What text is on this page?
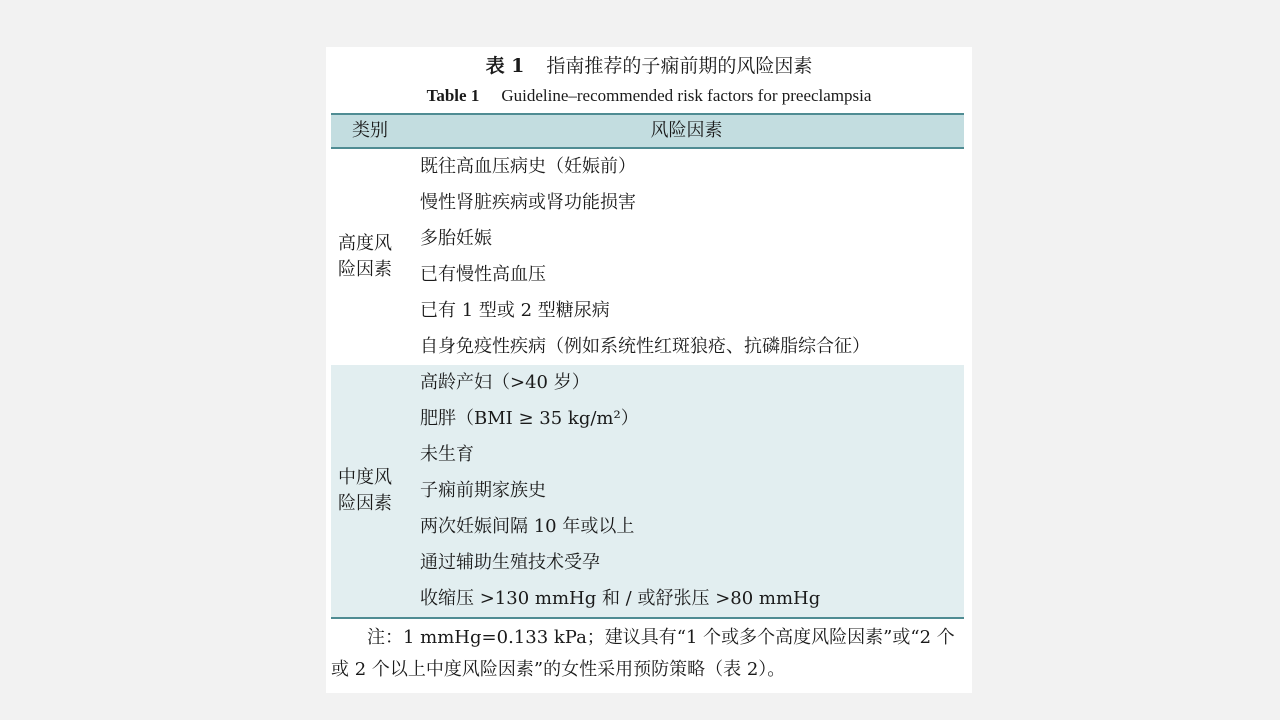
表 1 指南推荐的子痫前期的风险因素
Table 1 Guideline–recommended risk factors for preeclampsia
类别	风险因素
高度风险因素
既往高血压病史（妊娠前）
慢性肾脏疾病或肾功能损害
多胎妊娠
已有慢性高血压
已有 1 型或 2 型糖尿病
自身免疫性疾病（例如系统性红斑狼疮、抗磷脂综合征）
中度风险因素
高龄产妇（>40 岁）
肥胖（BMI ≥ 35 kg/m²）
未生育
子痫前期家族史
两次妊娠间隔 10 年或以上
通过辅助生殖技术受孕
收缩压 >130 mmHg 和 / 或舒张压 >80 mmHg
注：1 mmHg=0.133 kPa；建议具有“1 个或多个高度风险因素”或“2 个或 2 个以上中度风险因素”的女性采用预防策略（表 2）。
